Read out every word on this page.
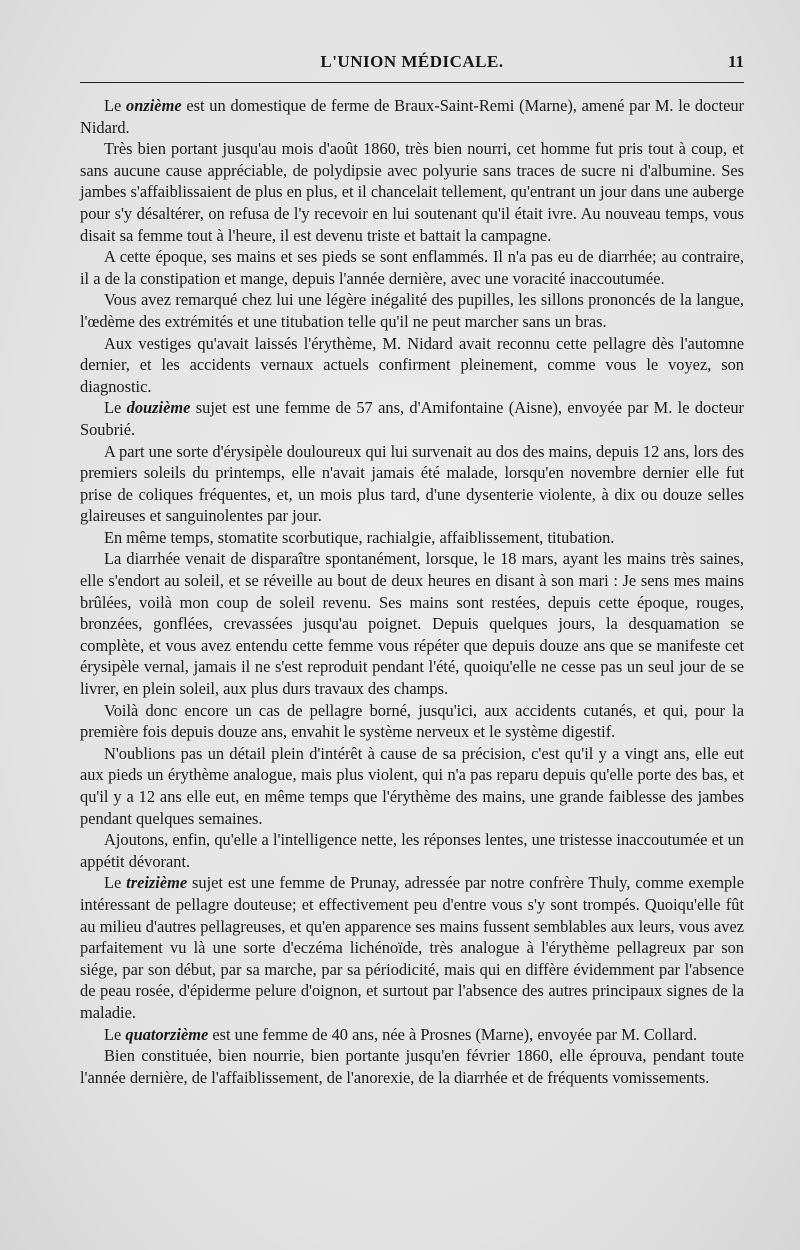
L'UNION MÉDICALE.	11

Le onzième est un domestique de ferme de Braux-Saint-Remi (Marne), amené par M. le docteur Nidard.

Très bien portant jusqu'au mois d'août 1860, très bien nourri, cet homme fut pris tout à coup, et sans aucune cause appréciable, de polydipsie avec polyurie sans traces de sucre ni d'albumine. Ses jambes s'affaiblissaient de plus en plus, et il chancelait tellement, qu'entrant un jour dans une auberge pour s'y désaltérer, on refusa de l'y recevoir en lui soutenant qu'il était ivre. Au nouveau temps, vous disait sa femme tout à l'heure, il est devenu triste et battait la campagne.

A cette époque, ses mains et ses pieds se sont enflammés. Il n'a pas eu de diarrhée; au contraire, il a de la constipation et mange, depuis l'année dernière, avec une voracité inaccoutumée.

Vous avez remarqué chez lui une légère inégalité des pupilles, les sillons prononcés de la langue, l'œdème des extrémités et une titubation telle qu'il ne peut marcher sans un bras.

Aux vestiges qu'avait laissés l'érythème, M. Nidard avait reconnu cette pellagre dès l'automne dernier, et les accidents vernaux actuels confirment pleinement, comme vous le voyez, son diagnostic.

Le douzième sujet est une femme de 57 ans, d'Amifontaine (Aisne), envoyée par M. le docteur Soubrié.

A part une sorte d'érysipèle douloureux qui lui survenait au dos des mains, depuis 12 ans, lors des premiers soleils du printemps, elle n'avait jamais été malade, lorsqu'en novembre dernier elle fut prise de coliques fréquentes, et, un mois plus tard, d'une dysenterie violente, à dix ou douze selles glaireuses et sanguinolentes par jour.

En même temps, stomatite scorbutique, rachialgie, affaiblissement, titubation.

La diarrhée venait de disparaître spontanément, lorsque, le 18 mars, ayant les mains très saines, elle s'endort au soleil, et se réveille au bout de deux heures en disant à son mari : Je sens mes mains brûlées, voilà mon coup de soleil revenu. Ses mains sont restées, depuis cette époque, rouges, bronzées, gonflées, crevassées jusqu'au poignet. Depuis quelques jours, la desquamation se complète, et vous avez entendu cette femme vous répéter que depuis douze ans que se manifeste cet érysipèle vernal, jamais il ne s'est reproduit pendant l'été, quoiqu'elle ne cesse pas un seul jour de se livrer, en plein soleil, aux plus durs travaux des champs.

Voilà donc encore un cas de pellagre borné, jusqu'ici, aux accidents cutanés, et qui, pour la première fois depuis douze ans, envahit le système nerveux et le système digestif.

N'oublions pas un détail plein d'intérêt à cause de sa précision, c'est qu'il y a vingt ans, elle eut aux pieds un érythème analogue, mais plus violent, qui n'a pas reparu depuis qu'elle porte des bas, et qu'il y a 12 ans elle eut, en même temps que l'érythème des mains, une grande faiblesse des jambes pendant quelques semaines.

Ajoutons, enfin, qu'elle a l'intelligence nette, les réponses lentes, une tristesse inaccoutumée et un appétit dévorant.

Le treizième sujet est une femme de Prunay, adressée par notre confrère Thuly, comme exemple intéressant de pellagre douteuse; et effectivement peu d'entre vous s'y sont trompés. Quoiqu'elle fût au milieu d'autres pellagreuses, et qu'en apparence ses mains fussent semblables aux leurs, vous avez parfaitement vu là une sorte d'eczéma lichénoïde, très analogue à l'érythème pellagreux par son siége, par son début, par sa marche, par sa périodicité, mais qui en diffère évidemment par l'absence de peau rosée, d'épiderme pelure d'oignon, et surtout par l'absence des autres principaux signes de la maladie.

Le quatorzième est une femme de 40 ans, née à Prosnes (Marne), envoyée par M. Collard.

Bien constituée, bien nourrie, bien portante jusqu'en février 1860, elle éprouva, pendant toute l'année dernière, de l'affaiblissement, de l'anorexie, de la diarrhée et de fréquents vomissements.
